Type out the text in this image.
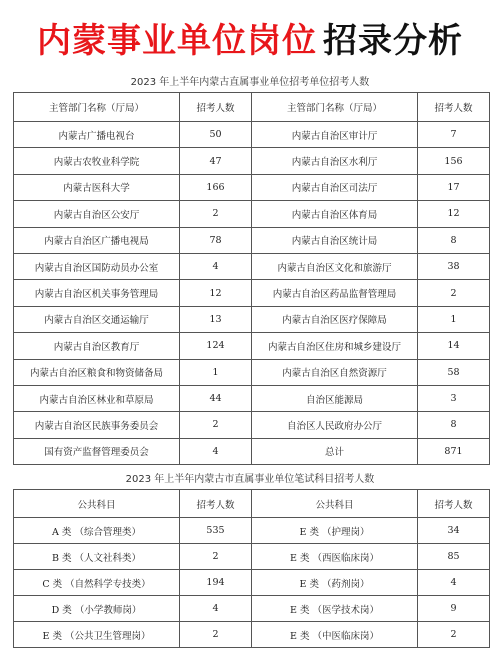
内蒙事业单位岗位 招录分析
2023 年上半年内蒙古直属事业单位招考单位招考人数
主管部门名称（厅局）	招考人数	主管部门名称（厅局）	招考人数
内蒙古广播电视台	50	内蒙古自治区审计厅	7
内蒙古农牧业科学院	47	内蒙古自治区水利厅	156
内蒙古医科大学	166	内蒙古自治区司法厅	17
内蒙古自治区公安厅	2	内蒙古自治区体育局	12
内蒙古自治区广播电视局	78	内蒙古自治区统计局	8
内蒙古自治区国防动员办公室	4	内蒙古自治区文化和旅游厅	38
内蒙古自治区机关事务管理局	12	内蒙古自治区药品监督管理局	2
内蒙古自治区交通运输厅	13	内蒙古自治区医疗保障局	1
内蒙古自治区教育厅	124	内蒙古自治区住房和城乡建设厅	14
内蒙古自治区粮食和物资储备局	1	内蒙古自治区自然资源厅	58
内蒙古自治区林业和草原局	44	自治区能源局	3
内蒙古自治区民族事务委员会	2	自治区人民政府办公厅	8
国有资产监督管理委员会	4	总计	871
2023 年上半年内蒙古市直属事业单位笔试科目招考人数
公共科目	招考人数	公共科目	招考人数
A 类 （综合管理类）	535	E 类 （护理岗）	34
B 类 （人文社科类）	2	E 类 （西医临床岗）	85
C 类 （自然科学专技类）	194	E 类 （药剂岗）	4
D 类 （小学教师岗）	4	E 类 （医学技术岗）	9
E 类 （公共卫生管理岗）	2	E 类 （中医临床岗）	2
